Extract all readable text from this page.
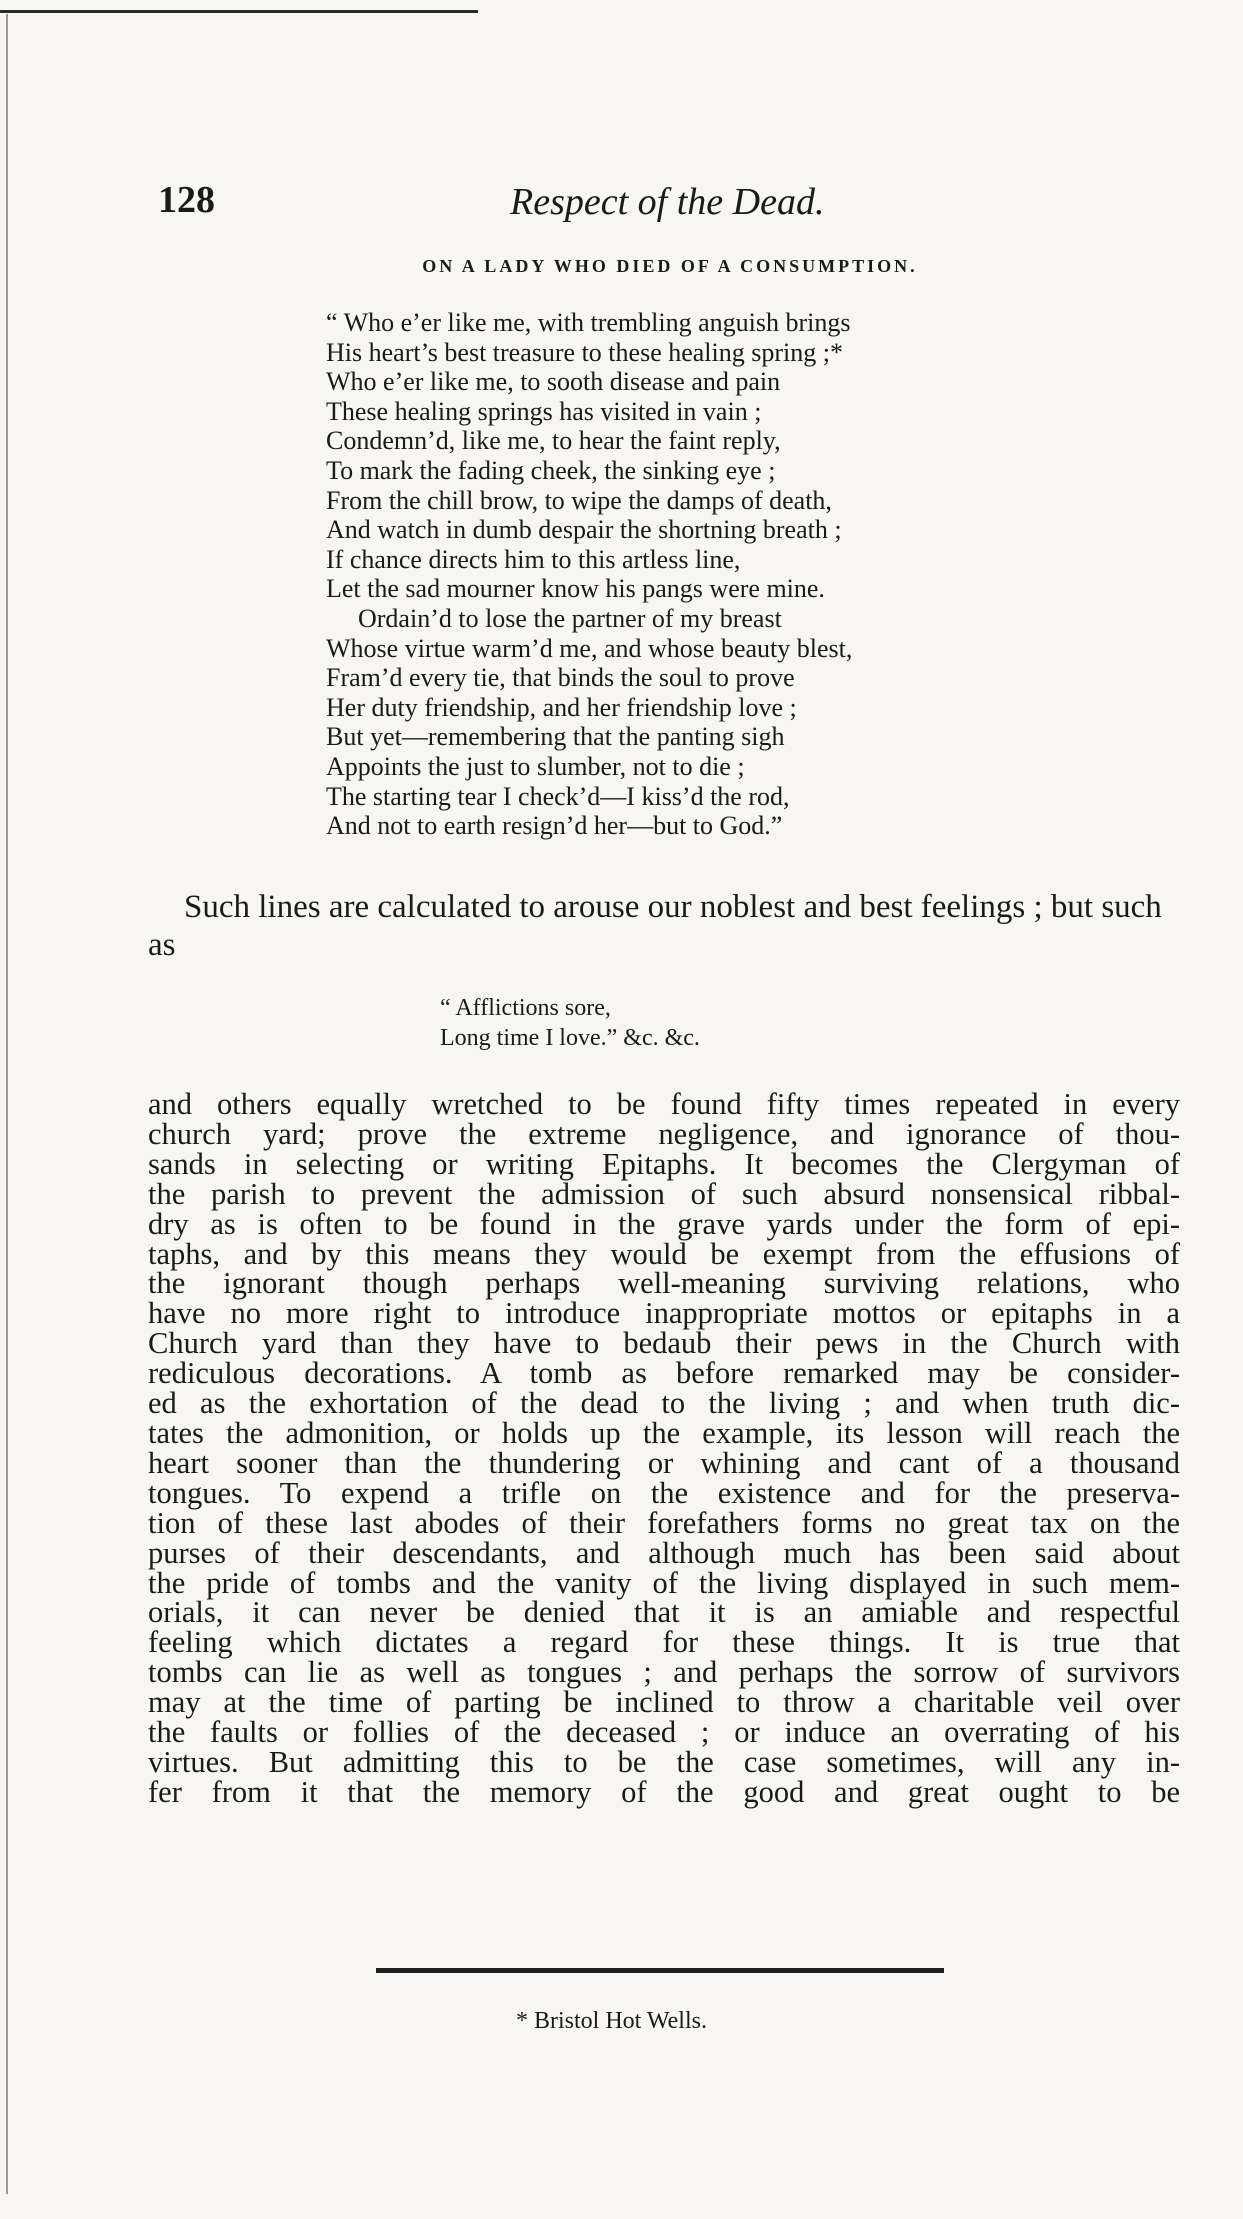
128	Respect of the Dead.
ON A LADY WHO DIED OF A CONSUMPTION.
“ Who e’er like me, with trembling anguish brings
His heart’s best treasure to these healing spring ;*
Who e’er like me, to sooth disease and pain
These healing springs has visited in vain ;
Condemn’d, like me, to hear the faint reply,
To mark the fading cheek, the sinking eye ;
From the chill brow, to wipe the damps of death,
And watch in dumb despair the shortning breath ;
If chance directs him to this artless line,
Let the sad mourner know his pangs were mine.
Ordain’d to lose the partner of my breast
Whose virtue warm’d me, and whose beauty blest,
Fram’d every tie, that binds the soul to prove
Her duty friendship, and her friendship love ;
But yet—remembering that the panting sigh
Appoints the just to slumber, not to die ;
The starting tear I check’d—I kiss’d the rod,
And not to earth resign’d her—but to God.”
Such lines are calculated to arouse our noblest and best feelings ; but such as
“ Afflictions sore,
Long time I love.” &c. &c.
and others equally wretched to be found fifty times repeated in every
church yard; prove the extreme negligence, and ignorance of thou-
sands in selecting or writing Epitaphs. It becomes the Clergyman of
the parish to prevent the admission of such absurd nonsensical ribbal-
dry as is often to be found in the grave yards under the form of epi-
taphs, and by this means they would be exempt from the effusions of
the ignorant though perhaps well-meaning surviving relations, who
have no more right to introduce inappropriate mottos or epitaphs in a
Church yard than they have to bedaub their pews in the Church with
rediculous decorations. A tomb as before remarked may be consider-
ed as the exhortation of the dead to the living ; and when truth dic-
tates the admonition, or holds up the example, its lesson will reach the
heart sooner than the thundering or whining and cant of a thousand
tongues. To expend a trifle on the existence and for the preserva-
tion of these last abodes of their forefathers forms no great tax on the
purses of their descendants, and although much has been said about
the pride of tombs and the vanity of the living displayed in such mem-
orials, it can never be denied that it is an amiable and respectful
feeling which dictates a regard for these things. It is true that
tombs can lie as well as tongues ; and perhaps the sorrow of survivors
may at the time of parting be inclined to throw a charitable veil over
the faults or follies of the deceased ; or induce an overrating of his
virtues. But admitting this to be the case sometimes, will any in-
fer from it that the memory of the good and great ought to be
* Bristol Hot Wells.
